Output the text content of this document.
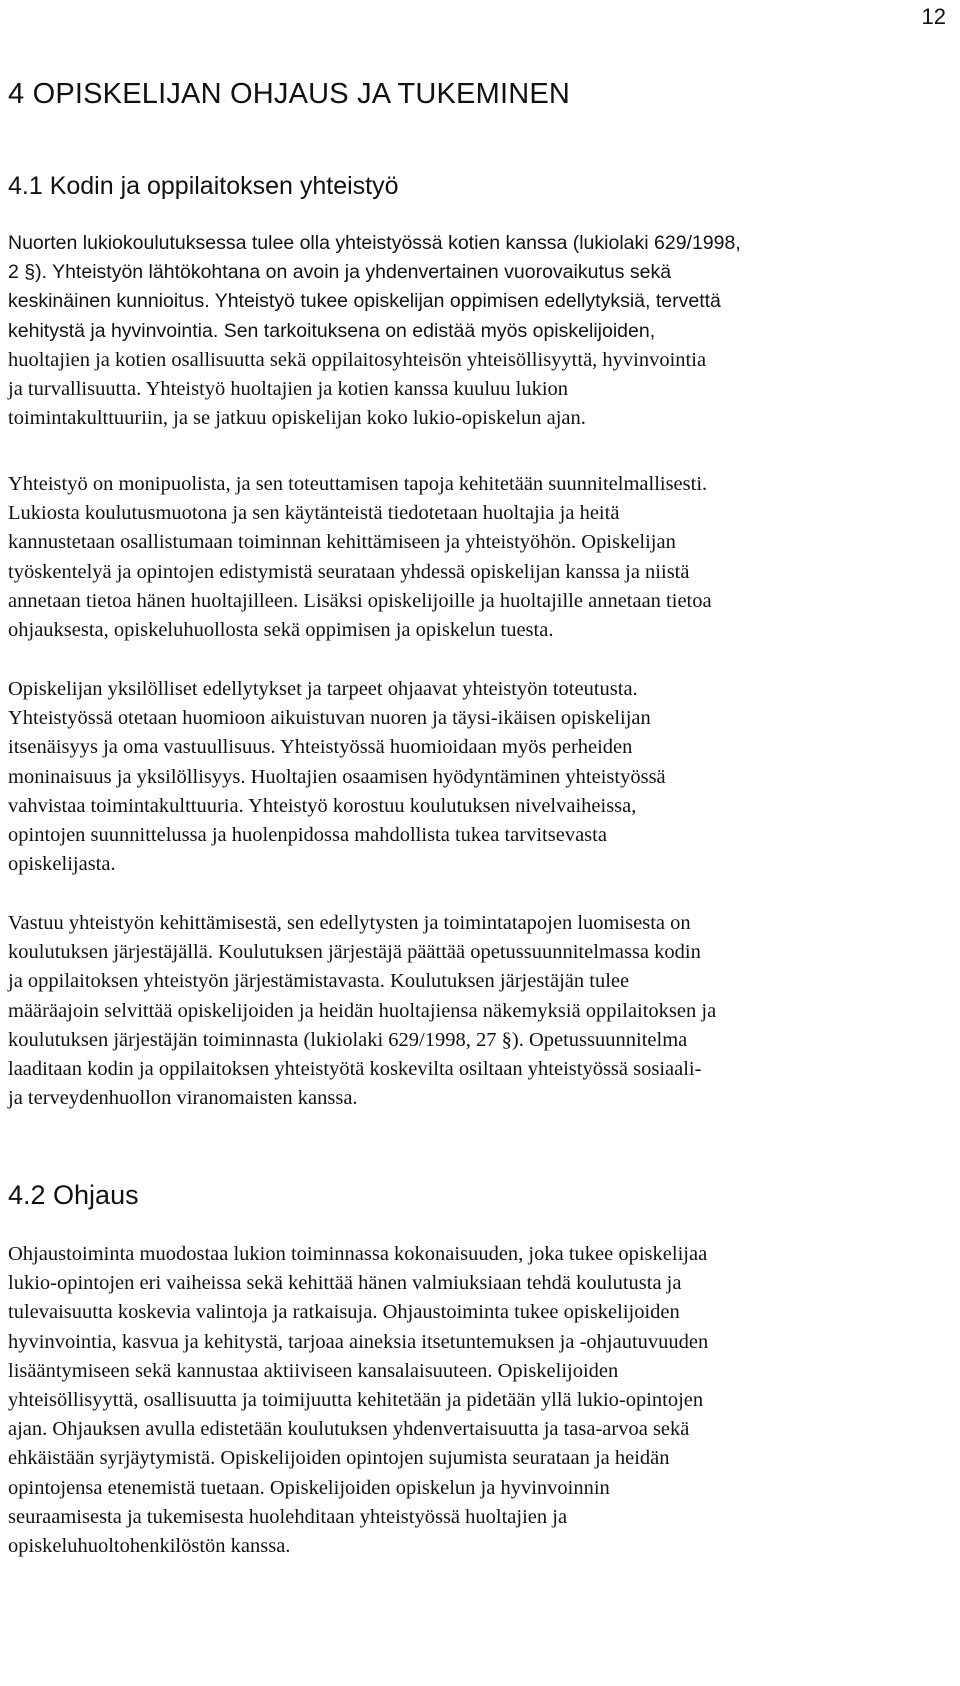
12
4 OPISKELIJAN OHJAUS JA TUKEMINEN
4.1 Kodin ja oppilaitoksen yhteistyö
Nuorten lukiokoulutuksessa tulee olla yhteistyössä kotien kanssa (lukiolaki 629/1998,
2 §). Yhteistyön lähtökohtana on avoin ja yhdenvertainen vuorovaikutus sekä
keskinäinen kunnioitus. Yhteistyö tukee opiskelijan oppimisen edellytyksiä, tervettä
kehitystä ja hyvinvointia. Sen tarkoituksena on edistää myös opiskelijoiden,
huoltajien ja kotien osallisuutta sekä oppilaitosyhteisön yhteisöllisyyttä, hyvinvointia
ja turvallisuutta. Yhteistyö huoltajien ja kotien kanssa kuuluu lukion
toimintakulttuuriin, ja se jatkuu opiskelijan koko lukio-opiskelun ajan.
Yhteistyö on monipuolista, ja sen toteuttamisen tapoja kehitetään suunnitelmallisesti.
Lukiosta koulutusmuotona ja sen käytänteistä tiedotetaan huoltajia ja heitä
kannustetaan osallistumaan toiminnan kehittämiseen ja yhteistyöhön. Opiskelijan
työskentelyä ja opintojen edistymistä seurataan yhdessä opiskelijan kanssa ja niistä
annetaan tietoa hänen huoltajilleen. Lisäksi opiskelijoille ja huoltajille annetaan tietoa
ohjauksesta, opiskeluhuollosta sekä oppimisen ja opiskelun tuesta.
Opiskelijan yksilölliset edellytykset ja tarpeet ohjaavat yhteistyön toteutusta.
Yhteistyössä otetaan huomioon aikuistuvan nuoren ja täysi-ikäisen opiskelijan
itsenäisyys ja oma vastuullisuus. Yhteistyössä huomioidaan myös perheiden
moninaisuus ja yksilöllisyys. Huoltajien osaamisen hyödyntäminen yhteistyössä
vahvistaa toimintakulttuuria. Yhteistyö korostuu koulutuksen nivelvaiheissa,
opintojen suunnittelussa ja huolenpidossa mahdollista tukea tarvitsevasta
opiskelijasta.
Vastuu yhteistyön kehittämisestä, sen edellytysten ja toimintatapojen luomisesta on
koulutuksen järjestäjällä. Koulutuksen järjestäjä päättää opetussuunnitelmassa kodin
ja oppilaitoksen yhteistyön järjestämistavasta. Koulutuksen järjestäjän tulee
määräajoin selvittää opiskelijoiden ja heidän huoltajiensa näkemyksiä oppilaitoksen ja
koulutuksen järjestäjän toiminnasta (lukiolaki 629/1998, 27 §). Opetussuunnitelma
laaditaan kodin ja oppilaitoksen yhteistyötä koskevilta osiltaan yhteistyössä sosiaali-
ja terveydenhuollon viranomaisten kanssa.
4.2 Ohjaus
Ohjaustoiminta muodostaa lukion toiminnassa kokonaisuuden, joka tukee opiskelijaa
lukio-opintojen eri vaiheissa sekä kehittää hänen valmiuksiaan tehdä koulutusta ja
tulevaisuutta koskevia valintoja ja ratkaisuja. Ohjaustoiminta tukee opiskelijoiden
hyvinvointia, kasvua ja kehitystä, tarjoaa aineksia itsetuntemuksen ja -ohjautuvuuden
lisääntymiseen sekä kannustaa aktiiviseen kansalaisuuteen. Opiskelijoiden
yhteisöllisyyttä, osallisuutta ja toimijuutta kehitetään ja pidetään yllä lukio-opintojen
ajan. Ohjauksen avulla edistetään koulutuksen yhdenvertaisuutta ja tasa-arvoa sekä
ehkäistään syrjäytymistä. Opiskelijoiden opintojen sujumista seurataan ja heidän
opintojensa etenemistä tuetaan. Opiskelijoiden opiskelun ja hyvinvoinnin
seuraamisesta ja tukemisesta huolehditaan yhteistyössä huoltajien ja
opiskeluhuoltohenkilöstön kanssa.
